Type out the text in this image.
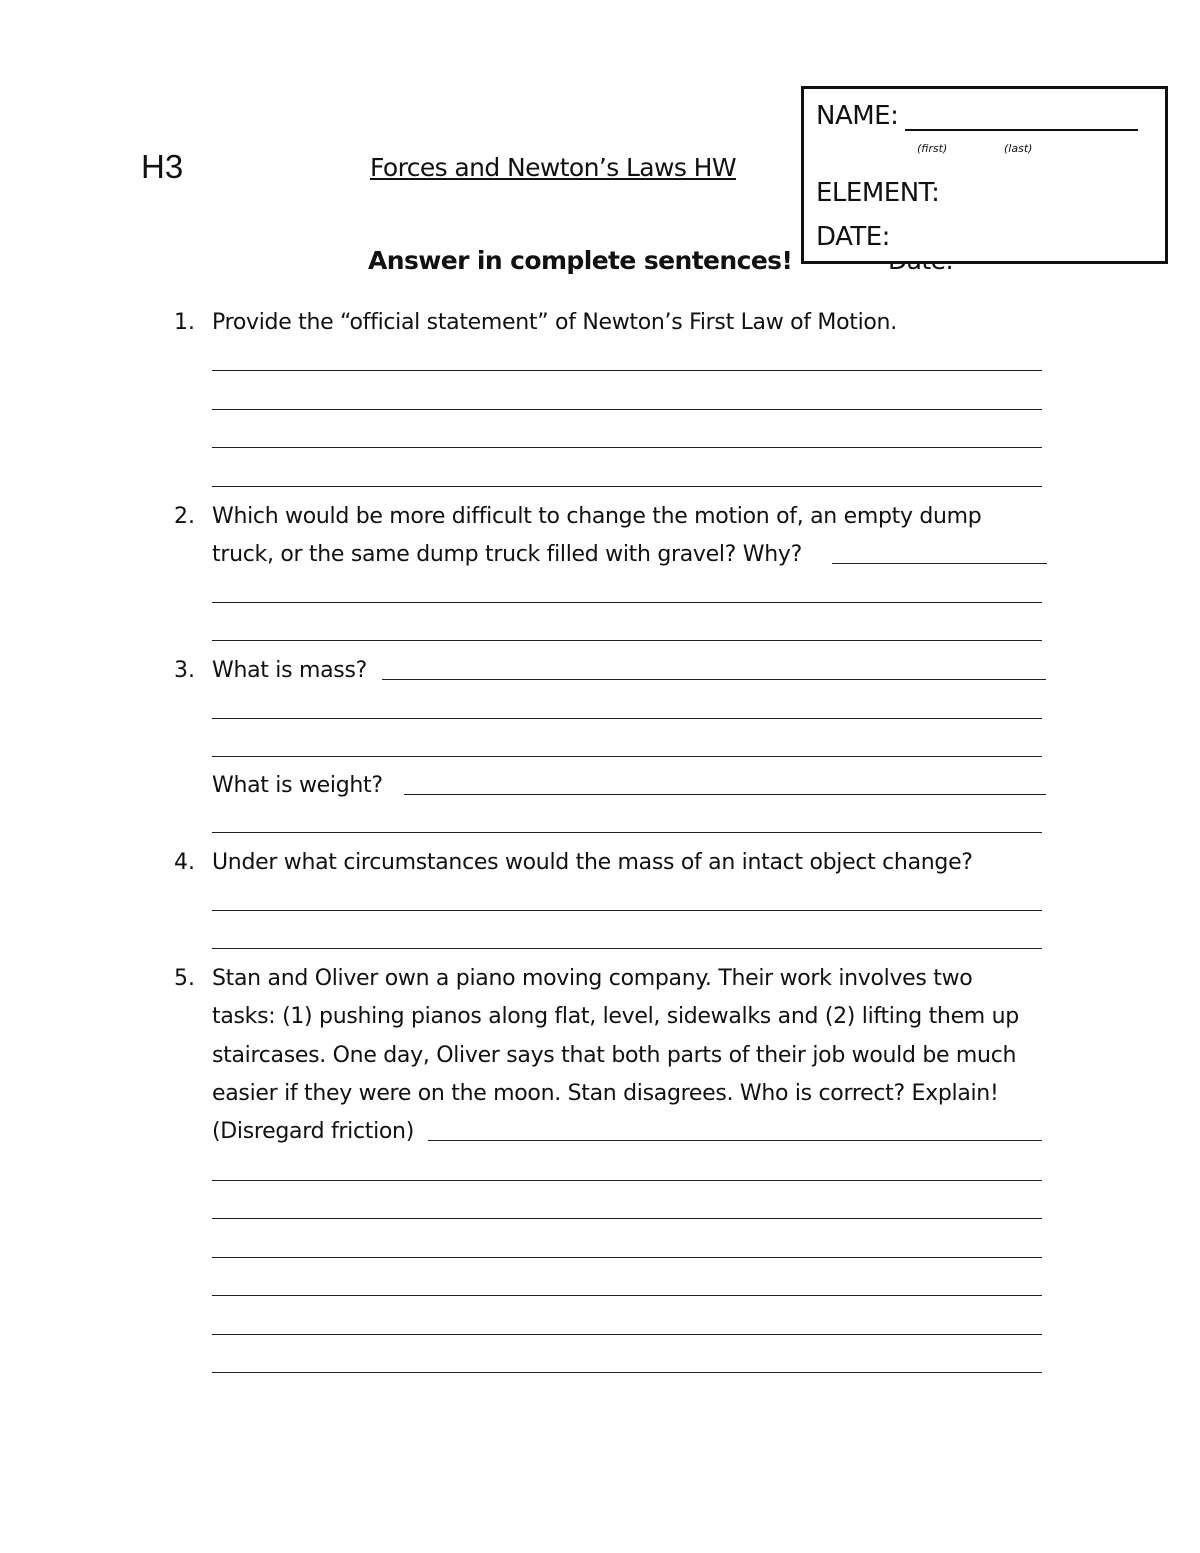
H3	Forces and Newton’s Laws HW
Answer in complete sentences!
NAME:
(first)	(last)
ELEMENT:
DATE:
1. Provide the “official statement” of Newton’s First Law of Motion.
2. Which would be more difficult to change the motion of, an empty dump
truck, or the same dump truck filled with gravel? Why?
3. What is mass?
What is weight?
4. Under what circumstances would the mass of an intact object change?
5. Stan and Oliver own a piano moving company. Their work involves two
tasks: (1) pushing pianos along flat, level, sidewalks and (2) lifting them up
staircases. One day, Oliver says that both parts of their job would be much
easier if they were on the moon. Stan disagrees. Who is correct? Explain!
(Disregard friction)
